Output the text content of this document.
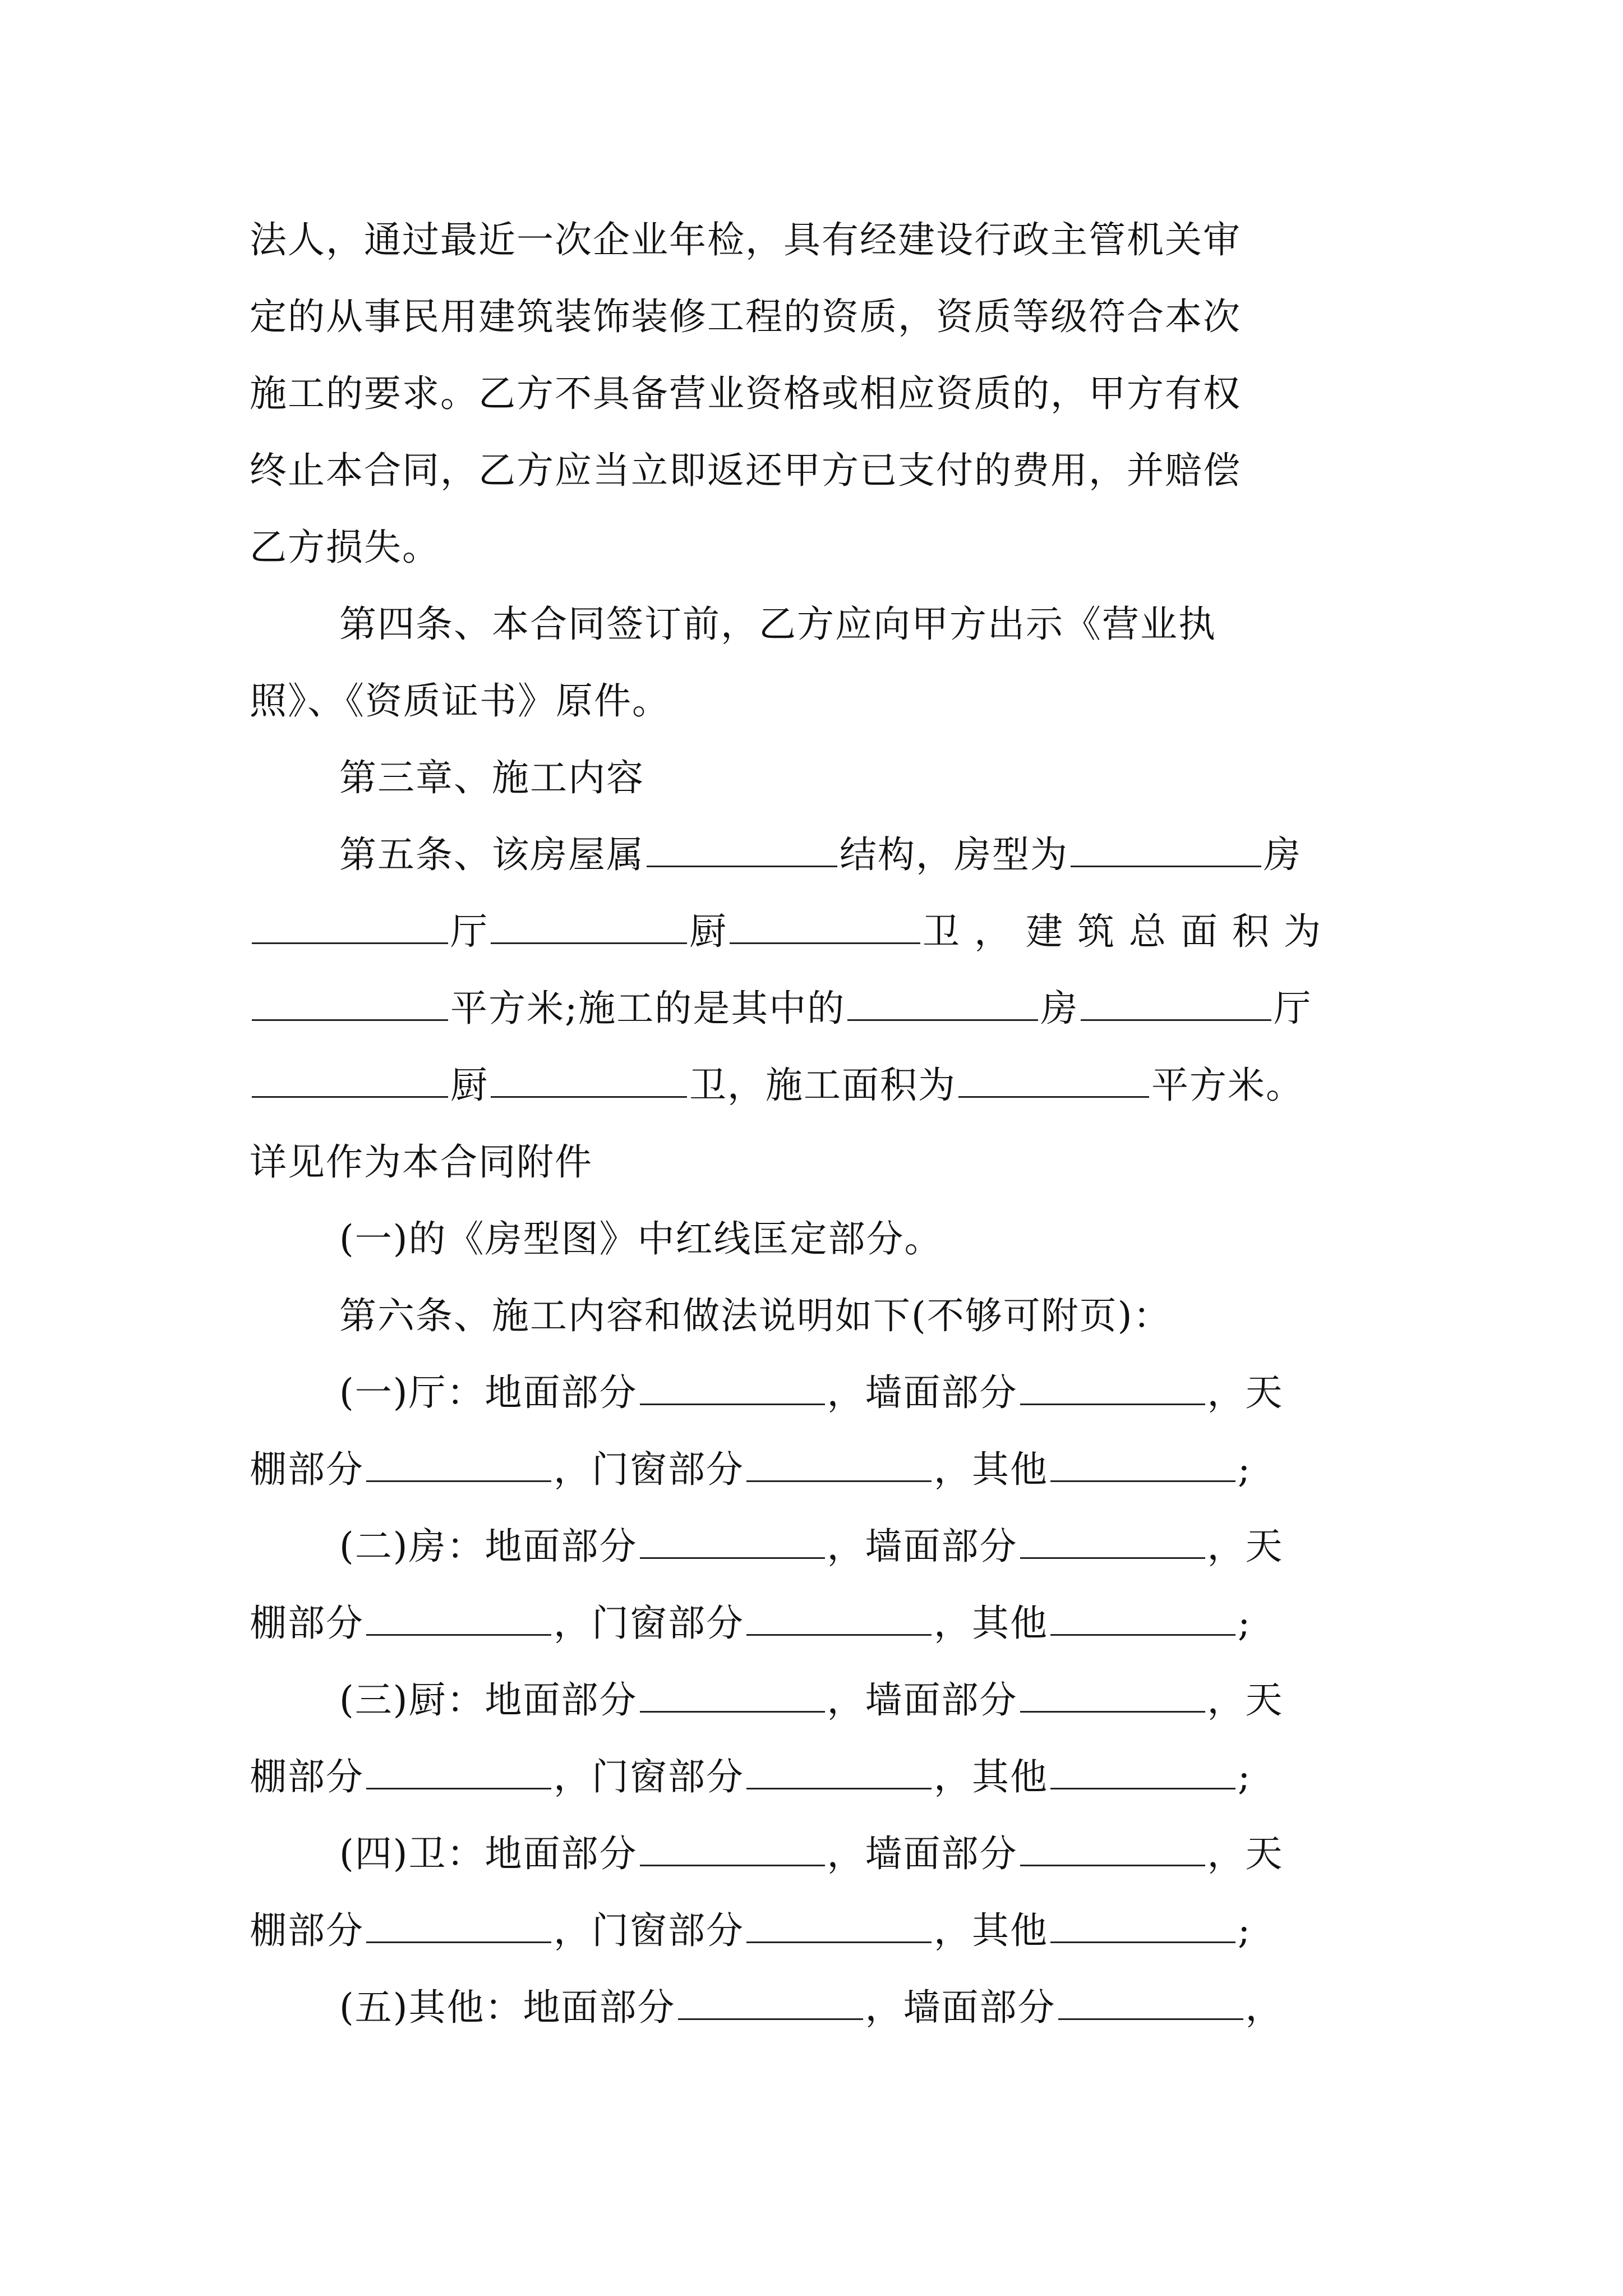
法人，通过最近一次企业年检，具有经建设行政主管机关审
定的从事民用建筑装饰装修工程的资质，资质等级符合本次
施工的要求。乙方不具备营业资格或相应资质的，甲方有权
终止本合同，乙方应当立即返还甲方已支付的费用，并赔偿
乙方损失。
第四条、本合同签订前，乙方应向甲方出示《营业执
照》、《资质证书》原件。
第三章、施工内容
第五条、该房屋属	结构，房型为	房
厅	厨	卫，建筑总面积为
平方米;施工的是其中的	房	厅
厨	卫，施工面积为	平方米。
详见作为本合同附件
(一)的《房型图》中红线匡定部分。
第六条、施工内容和做法说明如下(不够可附页)：
(一)厅：地面部分	，墙面部分	，天
棚部分	，门窗部分	，其他	;
(二)房：地面部分	，墙面部分	，天
棚部分	，门窗部分	，其他	;
(三)厨：地面部分	，墙面部分	，天
棚部分	，门窗部分	，其他	;
(四)卫：地面部分	，墙面部分	，天
棚部分	，门窗部分	，其他	;
(五)其他：地面部分	，墙面部分	，
